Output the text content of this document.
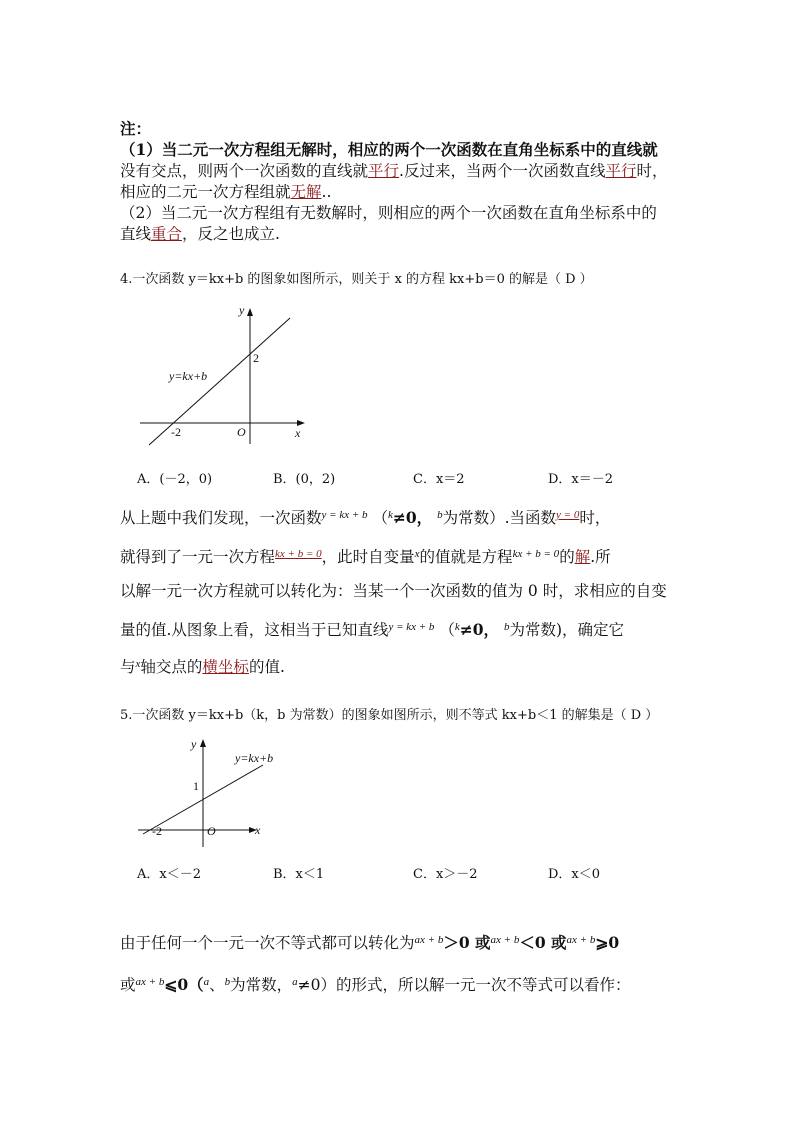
注：
（1）当二元一次方程组无解时，相应的两个一次函数在直角坐标系中的直线就
没有交点，则两个一次函数的直线就平行.反过来，当两个一次函数直线平行时，
相应的二元一次方程组就无解..
（2）当二元一次方程组有无数解时，则相应的两个一次函数在直角坐标系中的
直线重合，反之也成立.
4.一次函数 y＝kx+b 的图象如图所示，则关于 x 的方程 kx+b＝0 的解是（ D ）
y
x
O
-2
2
y=kx+b
A．(－2，0)	B．(0，2)	C．x＝2	D．x＝－2
从上题中我们发现，一次函数$^{y = kx + b}$ （$^k$≠0， $^b$为常数）.当函数$^{y = 0}$时，
就得到了一元一次方程$^{kx + b = 0}$，此时自变量$^x$的值就是方程$^{kx + b = 0}$的解.所
以解一元一次方程就可以转化为：当某一个一次函数的值为 0 时，求相应的自变
量的值.从图象上看，这相当于已知直线$^{y = kx + b}$ （$^k$≠0， $^b$为常数)，确定它
与$^x$轴交点的横坐标的值.
5.一次函数 y＝kx+b（k，b 为常数）的图象如图所示，则不等式 kx+b＜1 的解集是（ D ）
y
x
O
-2
1
y=kx+b
A．x＜－2	B．x＜1	C．x＞－2	D．x＜0
由于任何一个一元一次不等式都可以转化为$^{ax + b}$＞0 或$^{ax + b}$＜0 或$^{ax + b}$⩾0
或$^{ax + b}$⩽0（$^a$、$^b$为常数，$^a$≠0）的形式，所以解一元一次不等式可以看作：
